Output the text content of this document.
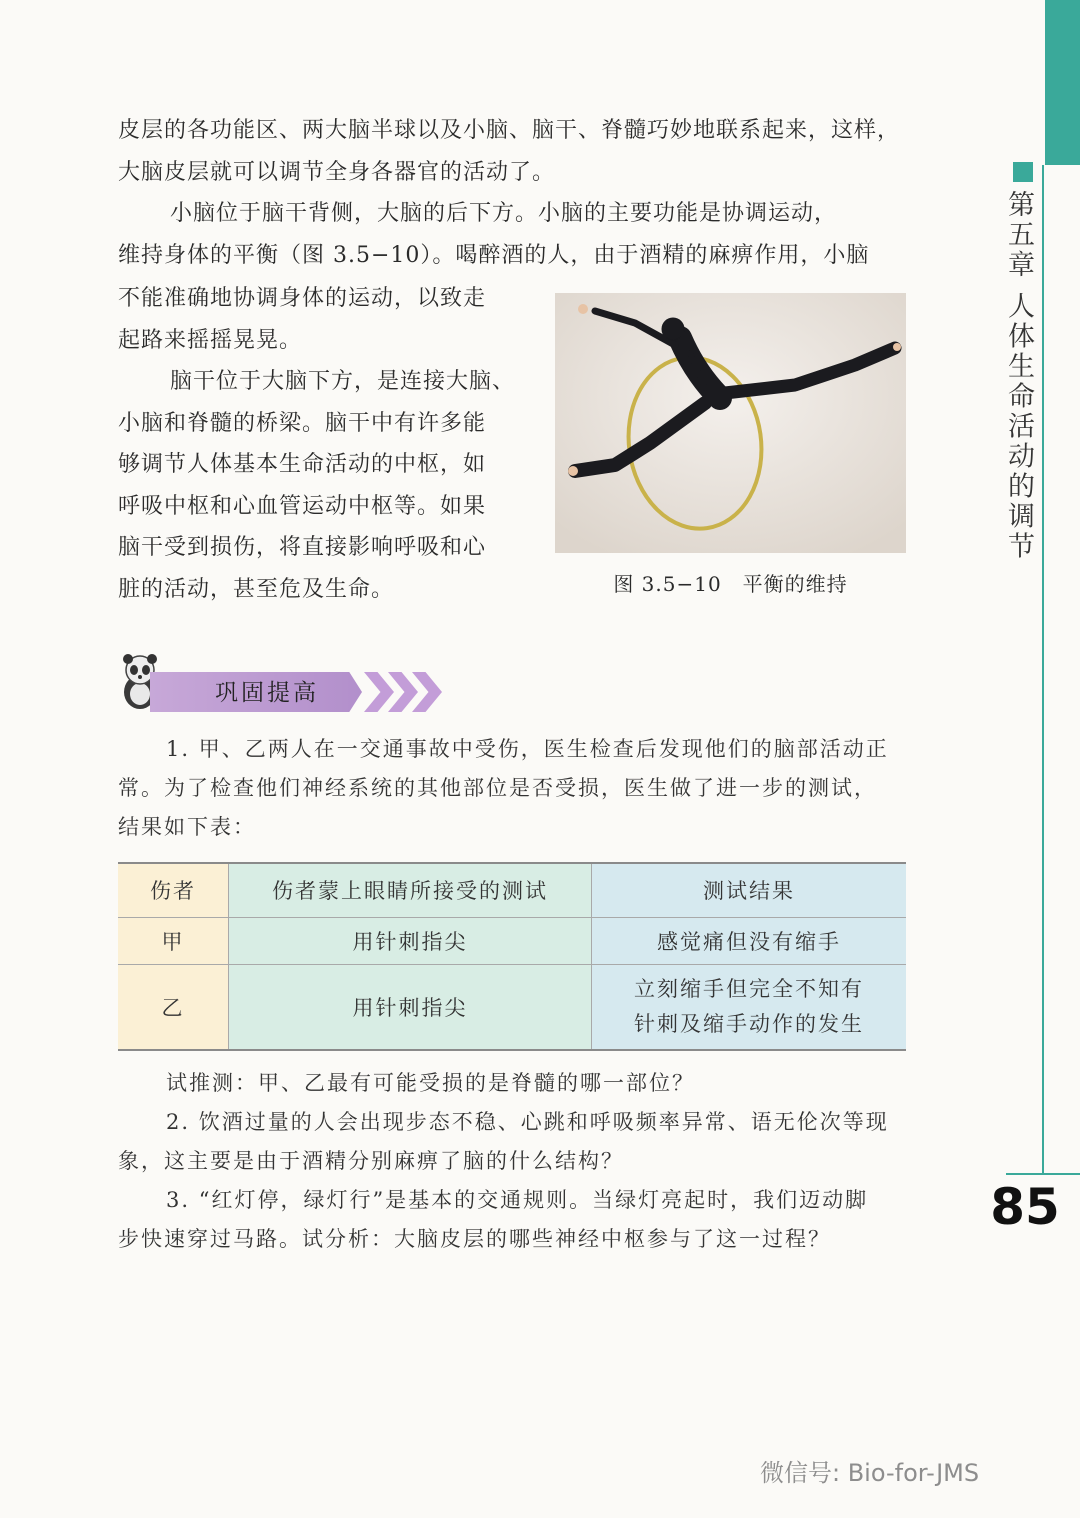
第五章 人体生命活动的调节
85
皮层的各功能区、两大脑半球以及小脑、脑干、脊髓巧妙地联系起来，这样，
大脑皮层就可以调节全身各器官的活动了。
小脑位于脑干背侧，大脑的后下方。小脑的主要功能是协调运动，
维持身体的平衡（图 3.5−10）。喝醉酒的人，由于酒精的麻痹作用，小脑
不能准确地协调身体的运动，以致走
起路来摇摇晃晃。
脑干位于大脑下方，是连接大脑、
小脑和脊髓的桥梁。脑干中有许多能
够调节人体基本生命活动的中枢，如
呼吸中枢和心血管运动中枢等。如果
脑干受到损伤，将直接影响呼吸和心
脏的活动，甚至危及生命。	图 3.5−10　平衡的维持
巩固提高
1. 甲、乙两人在一交通事故中受伤，医生检查后发现他们的脑部活动正
常。为了检查他们神经系统的其他部位是否受损，医生做了进一步的测试，
结果如下表：
伤者	伤者蒙上眼睛所接受的测试	测试结果
甲	用针刺指尖	感觉痛但没有缩手
乙	用针刺指尖	立刻缩手但完全不知有
针刺及缩手动作的发生
试推测：甲、乙最有可能受损的是脊髓的哪一部位？
2. 饮酒过量的人会出现步态不稳、心跳和呼吸频率异常、语无伦次等现
象，这主要是由于酒精分别麻痹了脑的什么结构？
3. “红灯停，绿灯行”是基本的交通规则。当绿灯亮起时，我们迈动脚
步快速穿过马路。试分析：大脑皮层的哪些神经中枢参与了这一过程？
微信号: Bio-for-JMS
